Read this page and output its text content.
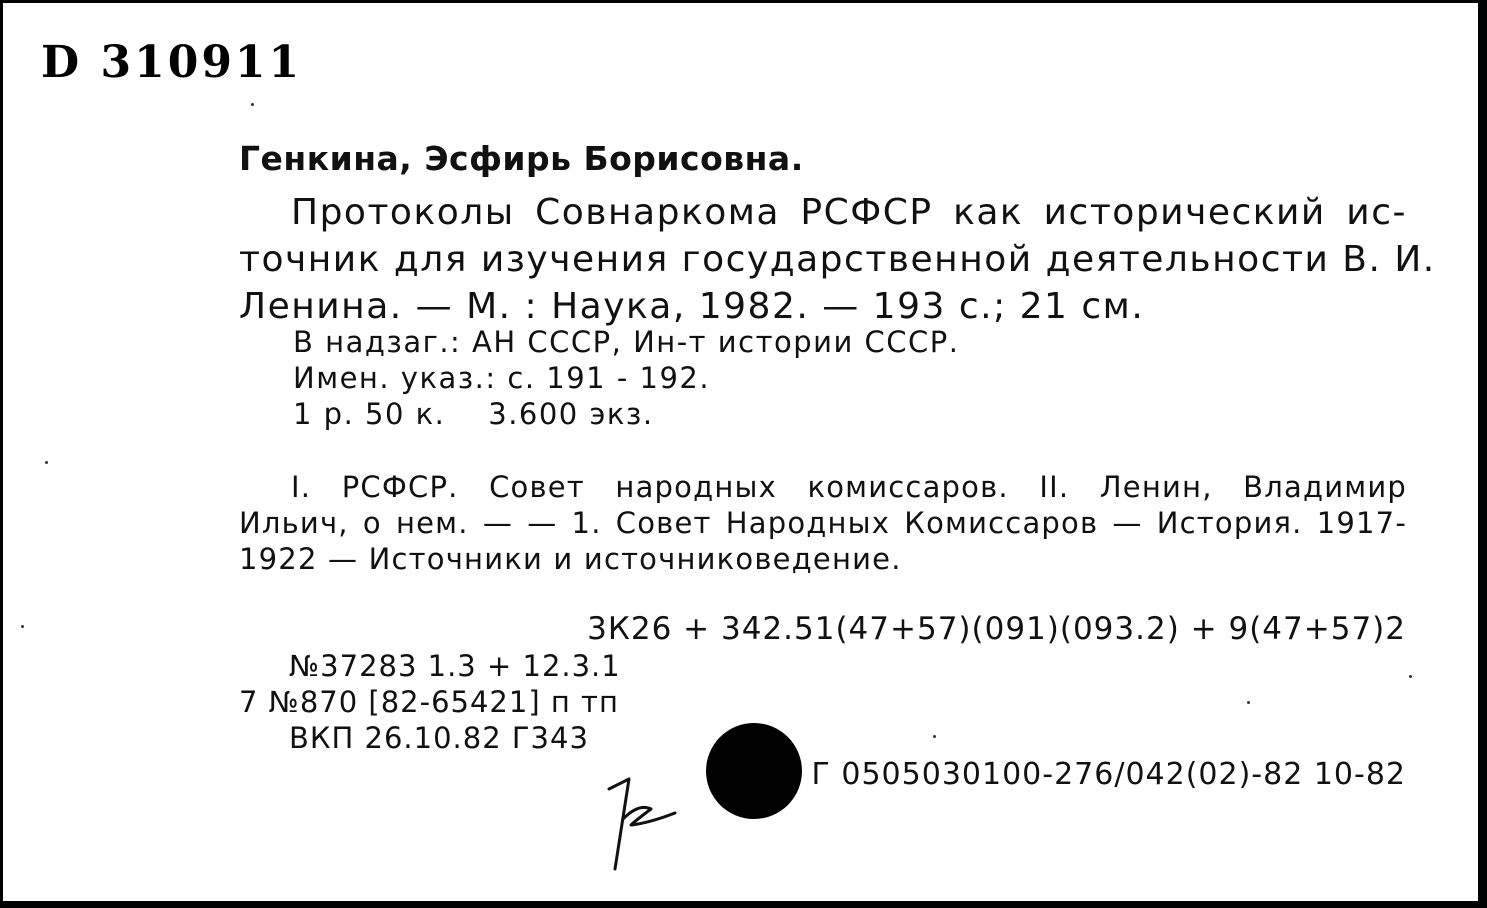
D 310911
Генкина, Эсфирь Борисовна.
Протоколы Совнаркома РСФСР как исторический ис-
точник для изучения государственной деятельности В. И.
Ленина. — М. : Наука, 1982. — 193 с.; 21 см.
В надзаг.: АН СССР, Ин-т истории СССР.
Имен. указ.: с. 191 - 192.
1 р. 50 к.    3.600 экз.
I. РСФСР. Совет народных комиссаров. II. Ленин, Владимир
Ильич, о нем. — — 1. Совет Народных Комиссаров — История. 1917-
1922 — Источники и источниковедение.
3К26 + 342.51(47+57)(091)(093.2) + 9(47+57)2
№37283 1.3 + 12.3.1
7 №870 [82-65421] п тп
ВКП 26.10.82 Г343
Г 0505030100-276/042(02)-82 10-82
